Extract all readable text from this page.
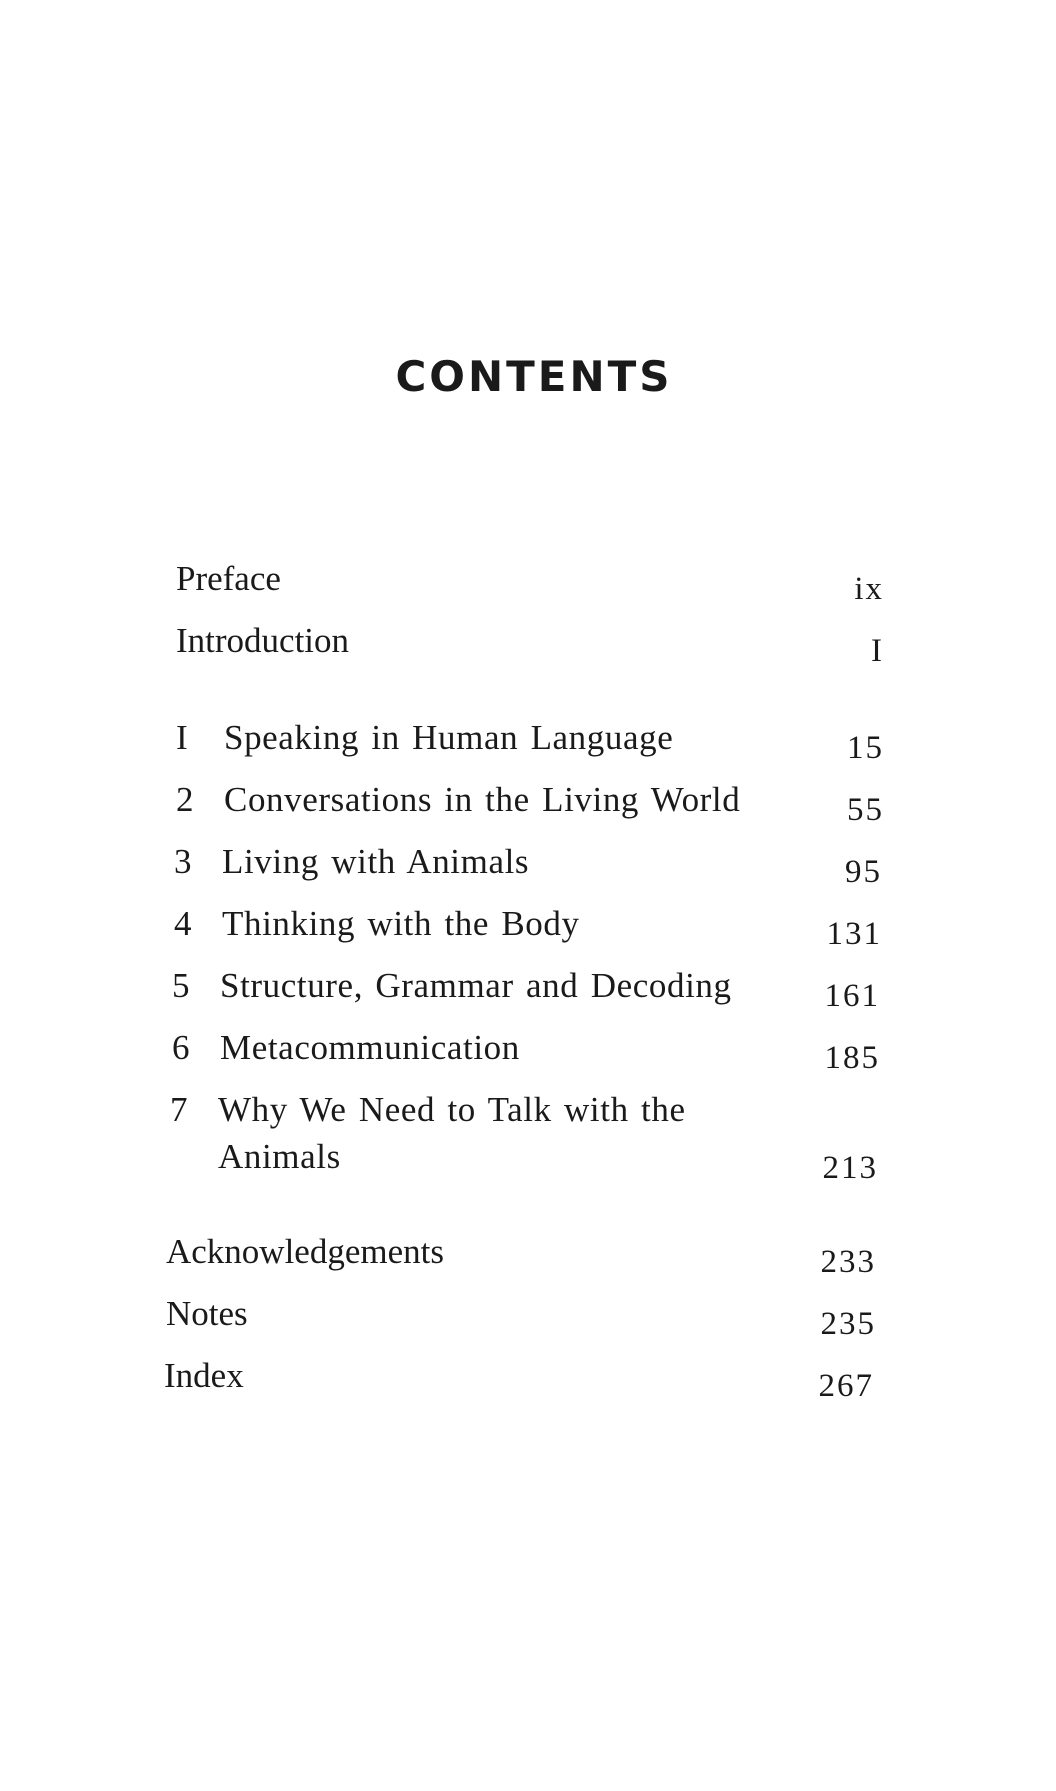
CONTENTS
Preface	ix
Introduction	I
I Speaking in Human Language	15
2 Conversations in the Living World	55
3 Living with Animals	95
4 Thinking with the Body	131
5 Structure, Grammar and Decoding	161
6 Metacommunication	185
7 Why We Need to Talk with the
Animals	213
Acknowledgements	233
Notes	235
Index	267
